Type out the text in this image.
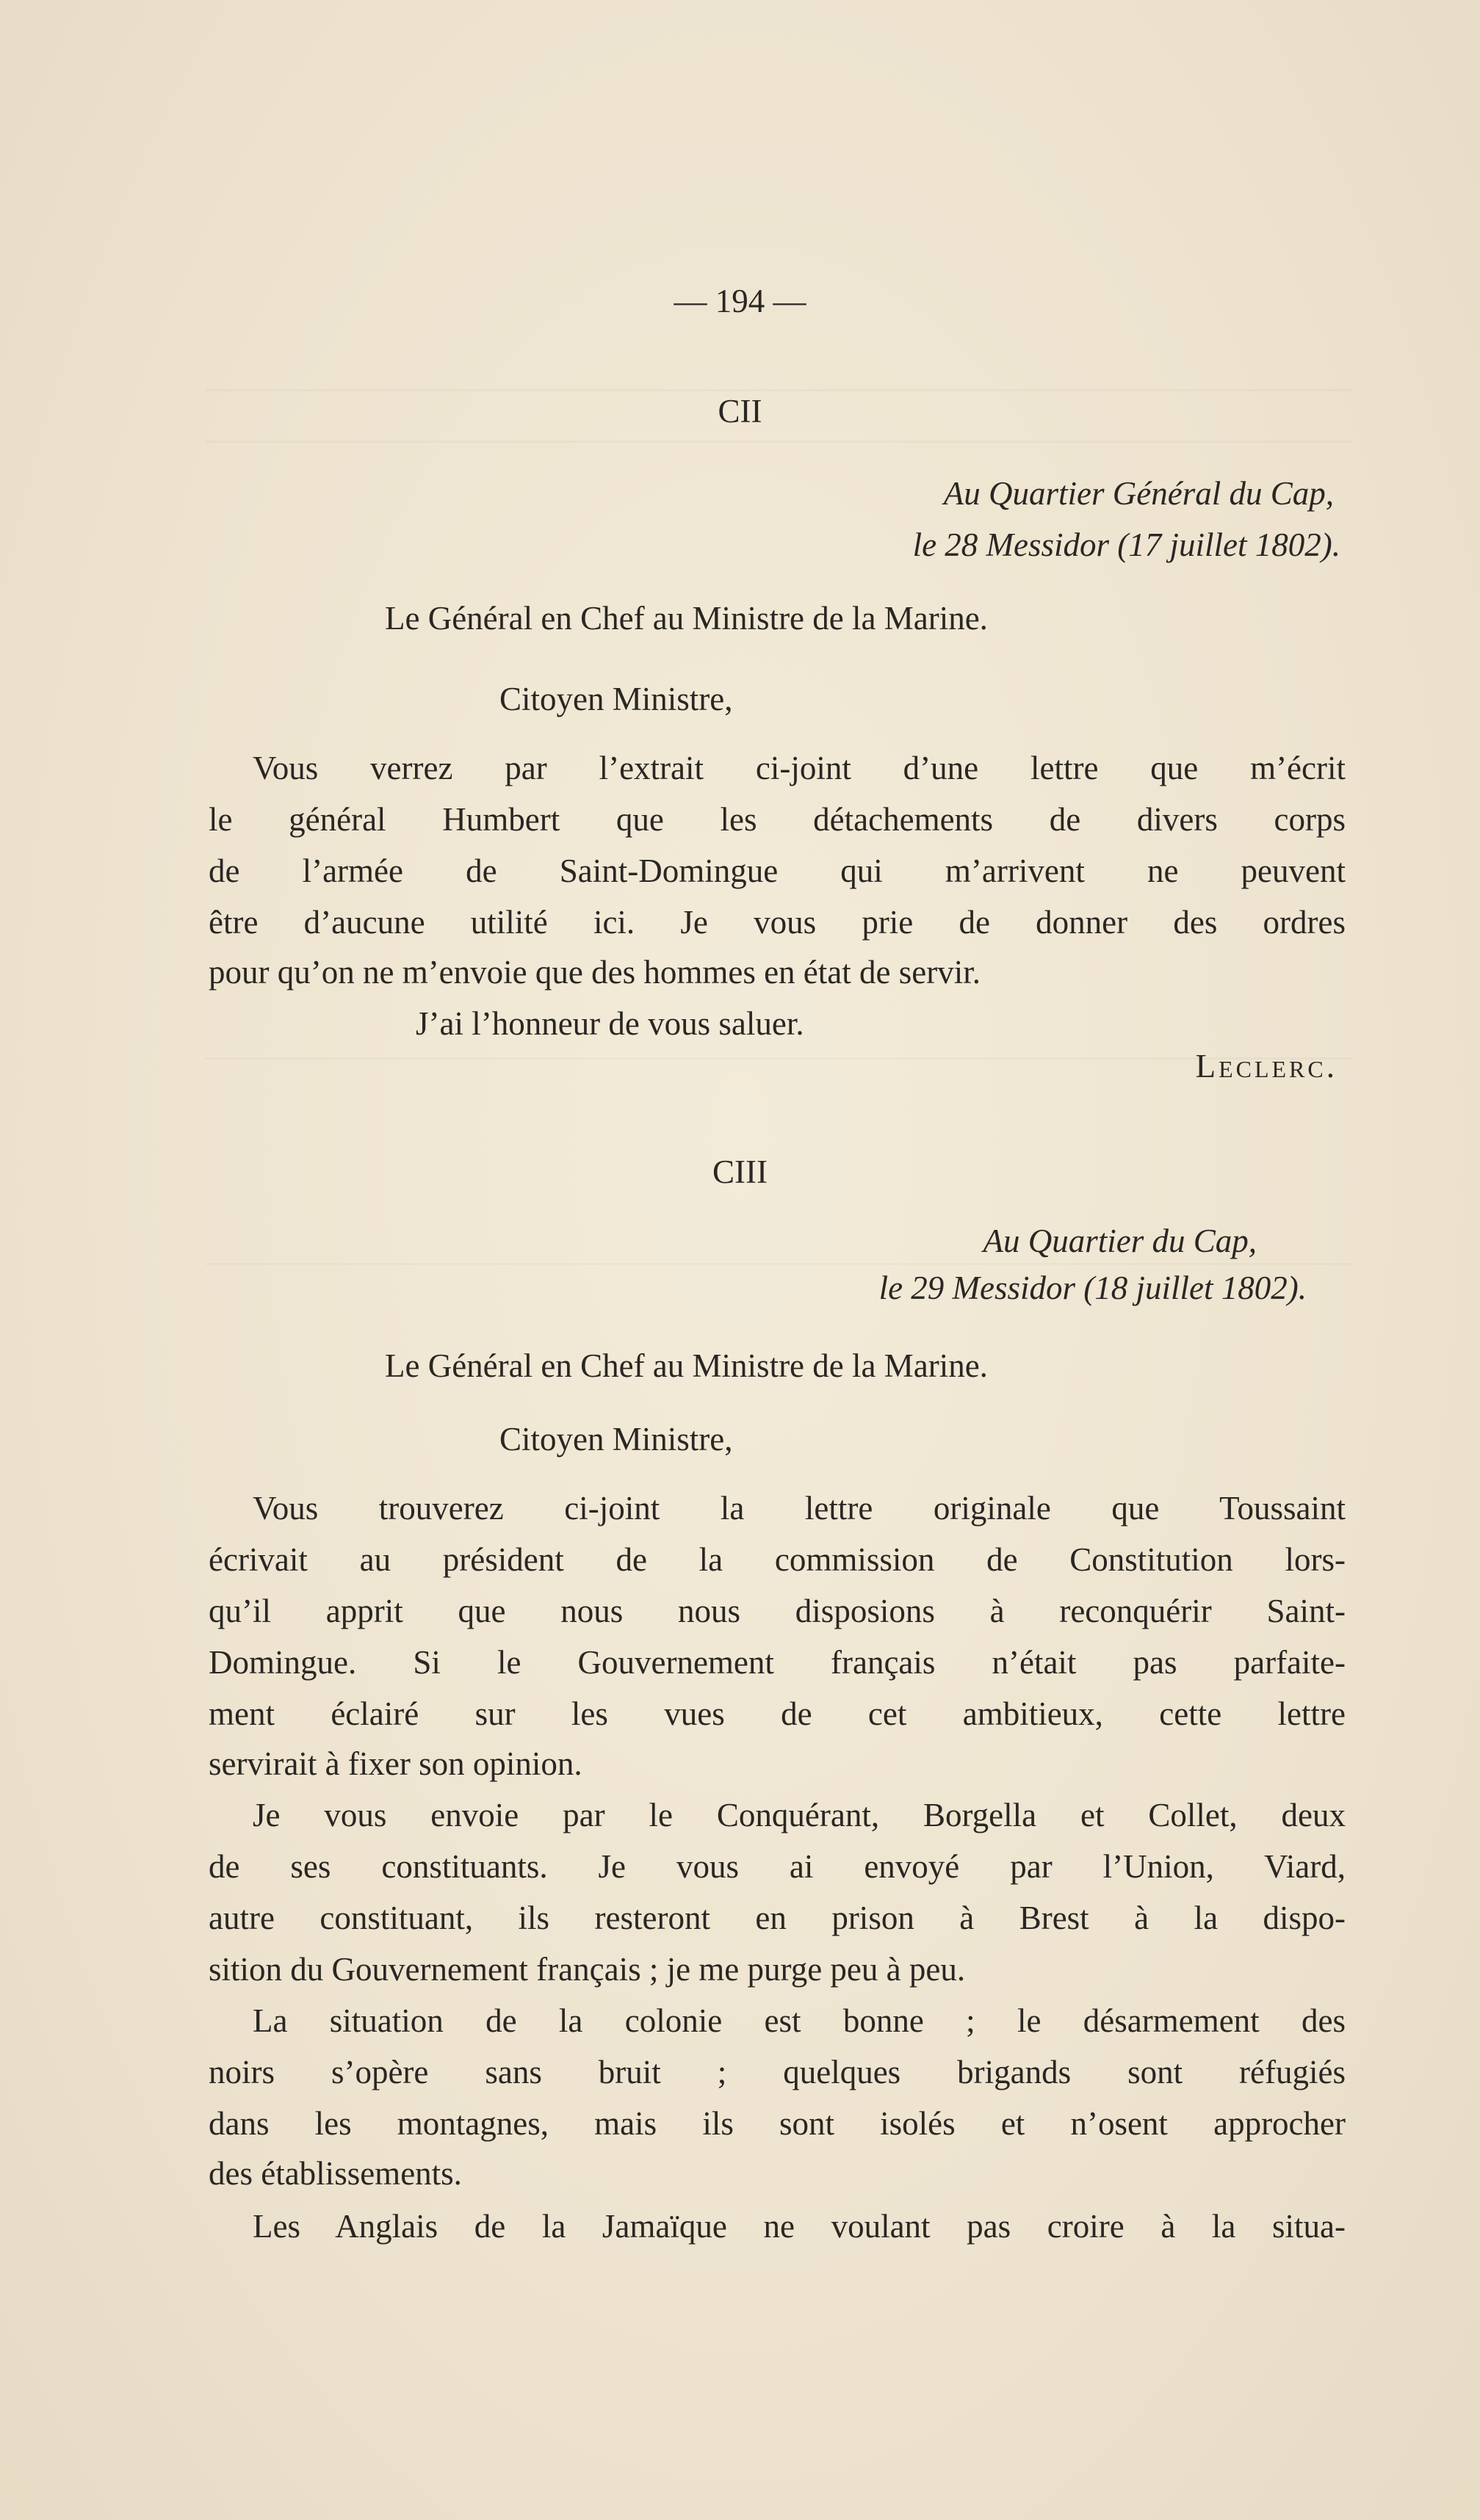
— 194 —
CII
Au Quartier Général du Cap,
le 28 Messidor (17 juillet 1802).
Le Général en Chef au Ministre de la Marine.
Citoyen Ministre,
Vous verrez par l’extrait ci-joint d’une lettre que m’écrit
le général Humbert que les détachements de divers corps
de l’armée de Saint-Domingue qui m’arrivent ne peuvent
être d’aucune utilité ici. Je vous prie de donner des ordres
pour qu’on ne m’envoie que des hommes en état de servir.
J’ai l’honneur de vous saluer.
Leclerc.
CIII
Au Quartier du Cap,
le 29 Messidor (18 juillet 1802).
Le Général en Chef au Ministre de la Marine.
Citoyen Ministre,
Vous trouverez ci-joint la lettre originale que Toussaint
écrivait au président de la commission de Constitution lors-
qu’il apprit que nous nous disposions à reconquérir Saint-
Domingue. Si le Gouvernement français n’était pas parfaite-
ment éclairé sur les vues de cet ambitieux, cette lettre
servirait à fixer son opinion.
Je vous envoie par le Conquérant, Borgella et Collet, deux
de ses constituants. Je vous ai envoyé par l’Union, Viard,
autre constituant, ils resteront en prison à Brest à la dispo-
sition du Gouvernement français ; je me purge peu à peu.
La situation de la colonie est bonne ; le désarmement des
noirs s’opère sans bruit ; quelques brigands sont réfugiés
dans les montagnes, mais ils sont isolés et n’osent approcher
des établissements.
Les Anglais de la Jamaïque ne voulant pas croire à la situa-
